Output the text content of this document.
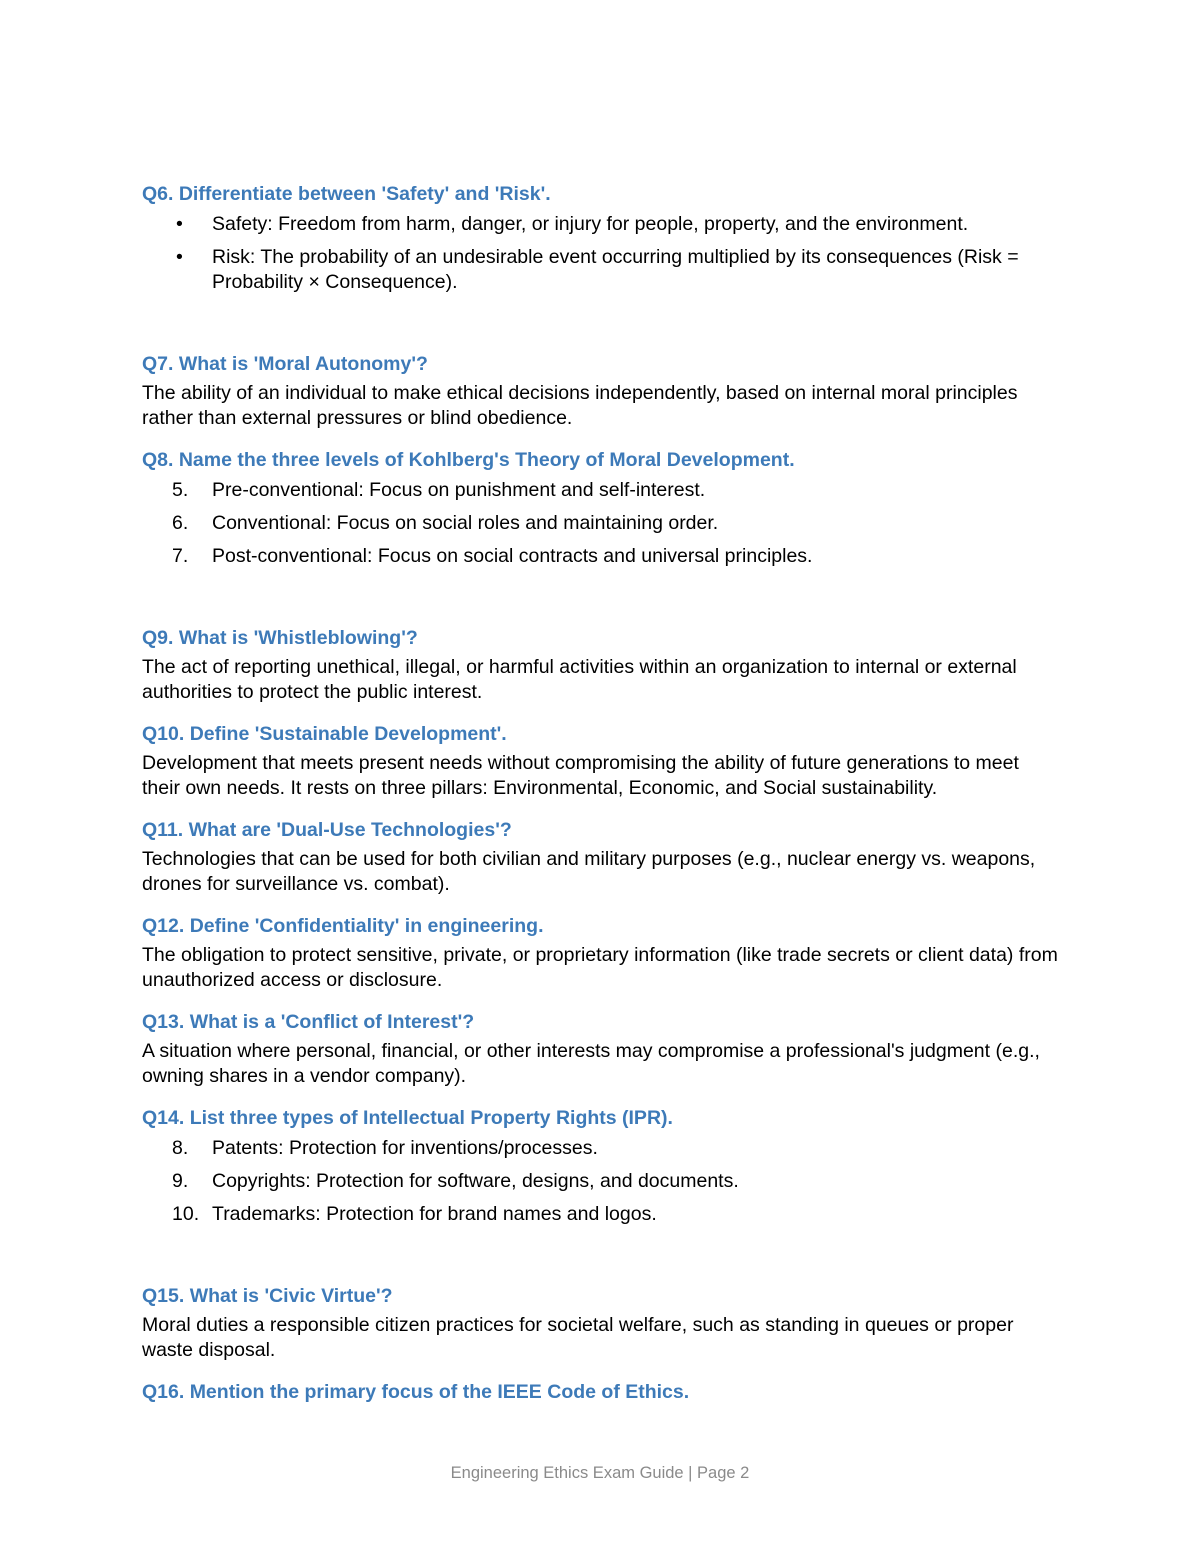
Q6. Differentiate between 'Safety' and 'Risk'.
•	Safety: Freedom from harm, danger, or injury for people, property, and the environment.
•	Risk: The probability of an undesirable event occurring multiplied by its consequences (Risk = Probability × Consequence).
Q7. What is 'Moral Autonomy'?

The ability of an individual to make ethical decisions independently, based on internal moral principles rather than external pressures or blind obedience.

Q8. Name the three levels of Kohlberg's Theory of Moral Development.
5.	Pre-conventional: Focus on punishment and self-interest.
6.	Conventional: Focus on social roles and maintaining order.
7.	Post-conventional: Focus on social contracts and universal principles.
Q9. What is 'Whistleblowing'?

The act of reporting unethical, illegal, or harmful activities within an organization to internal or external authorities to protect the public interest.

Q10. Define 'Sustainable Development'.

Development that meets present needs without compromising the ability of future generations to meet their own needs. It rests on three pillars: Environmental, Economic, and Social sustainability.

Q11. What are 'Dual-Use Technologies'?

Technologies that can be used for both civilian and military purposes (e.g., nuclear energy vs. weapons, drones for surveillance vs. combat).

Q12. Define 'Confidentiality' in engineering.

The obligation to protect sensitive, private, or proprietary information (like trade secrets or client data) from unauthorized access or disclosure.

Q13. What is a 'Conflict of Interest'?

A situation where personal, financial, or other interests may compromise a professional's judgment (e.g., owning shares in a vendor company).

Q14. List three types of Intellectual Property Rights (IPR).
8.	Patents: Protection for inventions/processes.
9.	Copyrights: Protection for software, designs, and documents.
10. Trademarks: Protection for brand names and logos.
Q15. What is 'Civic Virtue'?

Moral duties a responsible citizen practices for societal welfare, such as standing in queues or proper waste disposal.

Q16. Mention the primary focus of the IEEE Code of Ethics.
Engineering Ethics Exam Guide | Page 2
